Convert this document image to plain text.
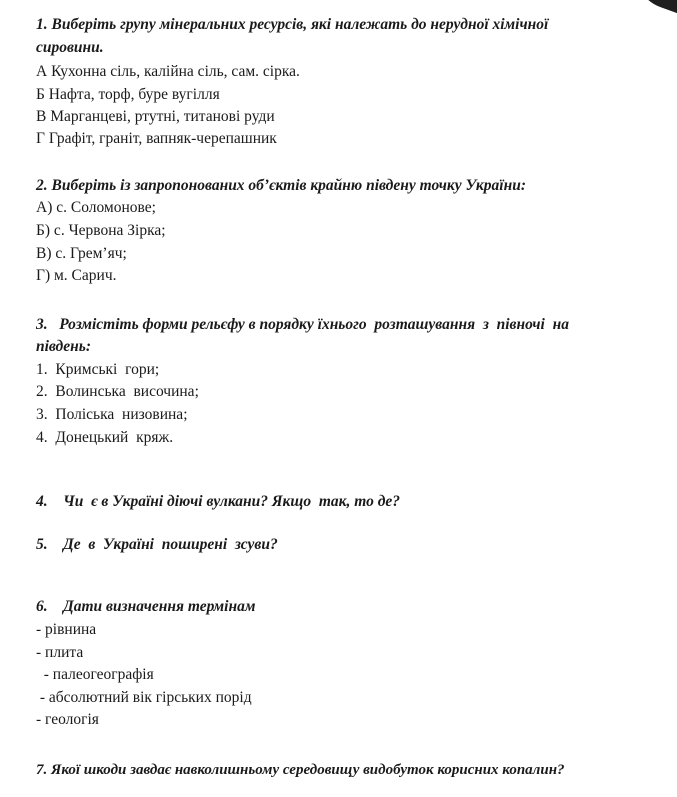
1. Виберіть групу мінеральних ресурсів, які належать до нерудної хімічної
сировини.
А Кухонна сіль, калійна сіль, сам. сірка.
Б Нафта, торф, буре вугілля
В Марганцеві, ртутні, титанові руди
Г Графіт, граніт, вапняк-черепашник
2. Виберіть із запропонованих об’єктів крайню південу точку України:
А) с. Соломонове;
Б) с. Червона Зірка;
В) с. Грем’яч;
Г) м. Сарич.
3.   Розмістіть форми рельєфу в порядку їхнього  розташування  з  півночі  на
південь:
1.  Кримські  гори;
2.  Волинська  височина;
3.  Поліська  низовина;
4.  Донецький  кряж.
4.    Чи  є в Україні діючі вулкани? Якщо  так, то де?
5.    Де  в  Україні  поширені  зсуви?
6.    Дати визначення термінам
- рівнина
- плита
- палеогеографія
- абсолютний вік гірських порід
- геологія
7. Якої шкоди завдає навколишньому середовищу видобуток корисних копалин?
